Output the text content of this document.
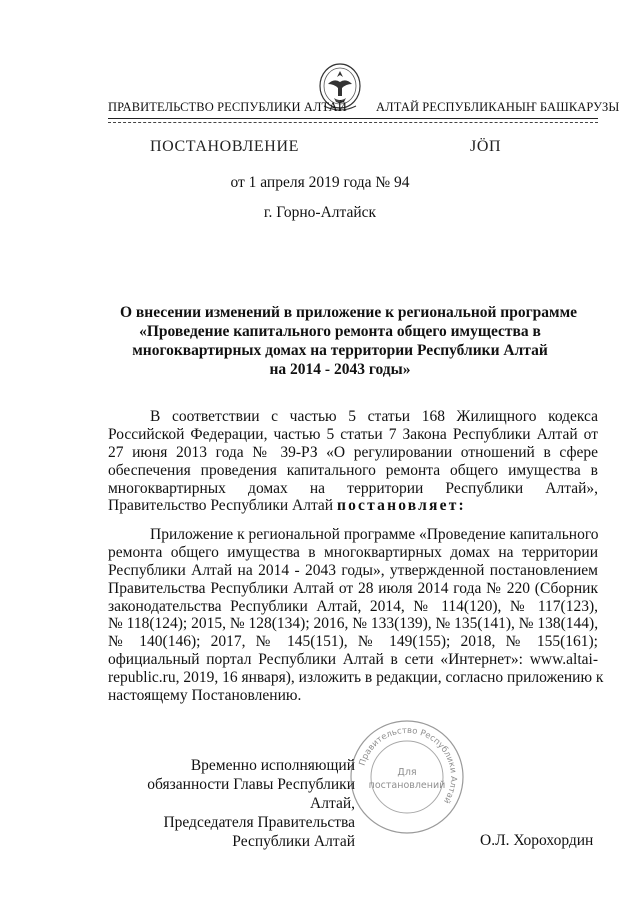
ПРАВИТЕЛЬСТВО РЕСПУБЛИКИ АЛТАЙ АЛТАЙ РЕСПУБЛИКАНЫҤ БАШКАРУЗЫ
ПОСТАНОВЛЕНИЕ	ЈӦП
от 1 апреля 2019 года № 94
г. Горно-Алтайск
О внесении изменений в приложение к региональной программе
«Проведение капитального ремонта общего имущества в
многоквартирных домах на территории Республики Алтай
на 2014 - 2043 годы»
В соответствии с частью 5 статьи 168 Жилищного кодекса
Российской Федерации, частью 5 статьи 7 Закона Республики Алтай от
27 июня 2013 года № 39-РЗ «О регулировании отношений в сфере
обеспечения проведения капитального ремонта общего имущества в
многоквартирных домах на территории Республики Алтай»,
Правительство Республики Алтай постановляет:
Приложение к региональной программе «Проведение капитального
ремонта общего имущества в многоквартирных домах на территории
Республики Алтай на 2014 - 2043 годы», утвержденной постановлением
Правительства Республики Алтай от 28 июля 2014 года № 220 (Сборник
законодательства Республики Алтай, 2014, № 114(120), № 117(123),
№ 118(124); 2015, № 128(134); 2016, № 133(139), № 135(141), № 138(144),
№ 140(146); 2017, № 145(151), № 149(155); 2018, № 155(161);
официальный портал Республики Алтай в сети «Интернет»: www.altai-
republic.ru, 2019, 16 января), изложить в редакции, согласно приложению к
настоящему Постановлению.
Правительство Республики Алтай
Для
постановлений
Временно исполняющий
обязанности Главы Республики Алтай,
Председателя Правительства
Республики Алтай	О.Л. Хорохордин
